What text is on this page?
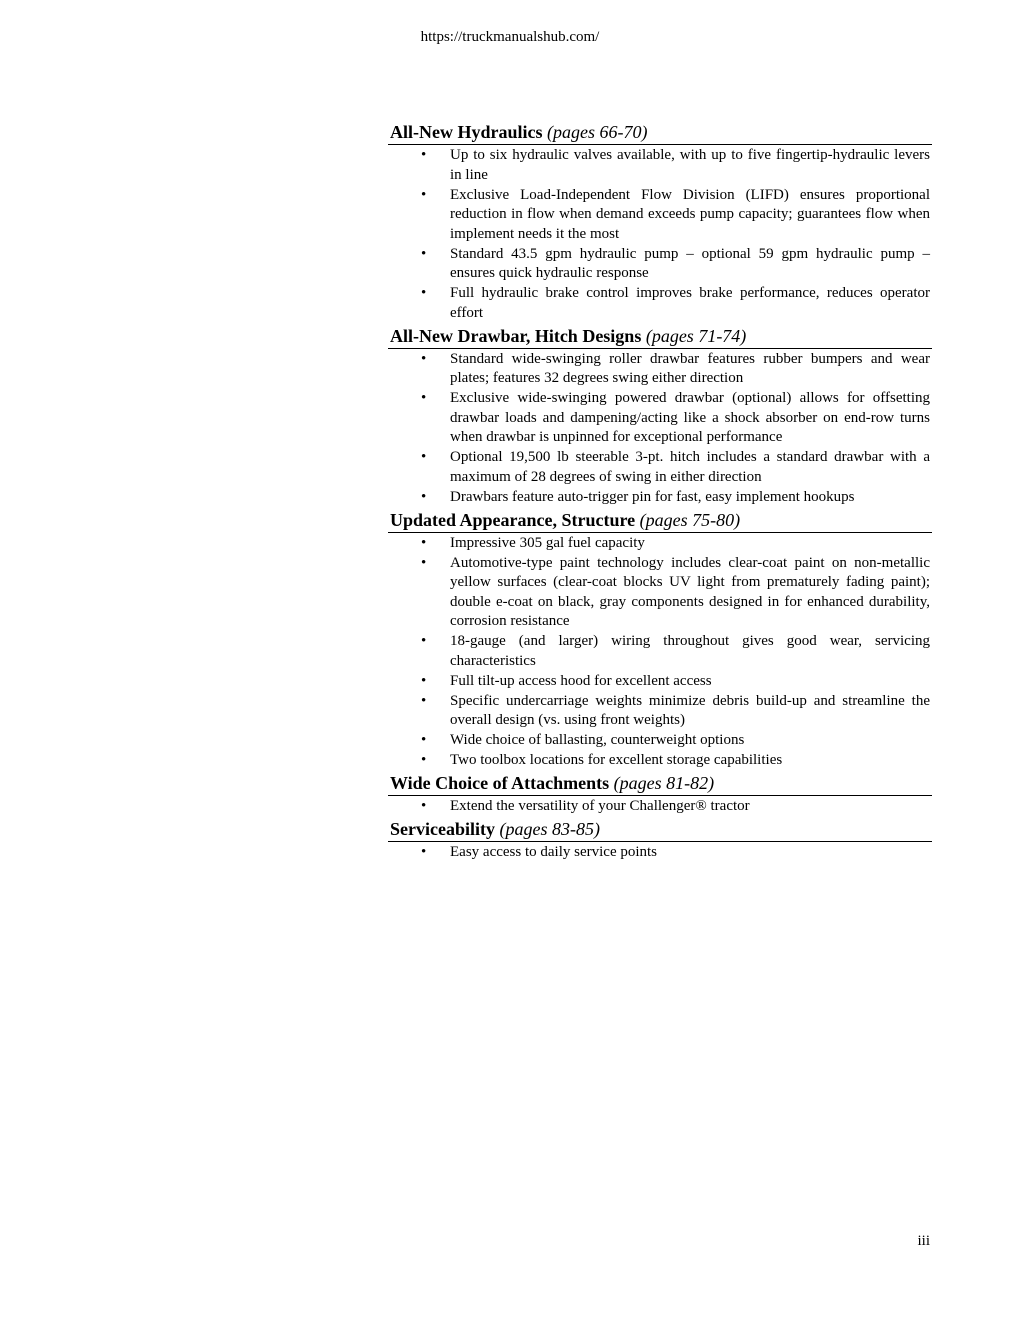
https://truckmanualshub.com/
All-New Hydraulics (pages 66-70)
• Up to six hydraulic valves available, with up to five fingertip-hydraulic levers in line
• Exclusive Load-Independent Flow Division (LIFD) ensures proportional reduction in flow when demand exceeds pump capacity; guarantees flow when implement needs it the most
• Standard 43.5 gpm hydraulic pump – optional 59 gpm hydraulic pump – ensures quick hydraulic response
• Full hydraulic brake control improves brake performance, reduces operator effort
All-New Drawbar, Hitch Designs (pages 71-74)
• Standard wide-swinging roller drawbar features rubber bumpers and wear plates; features 32 degrees swing either direction
• Exclusive wide-swinging powered drawbar (optional) allows for offsetting drawbar loads and dampening/acting like a shock absorber on end-row turns when drawbar is unpinned for exceptional performance
• Optional 19,500 lb steerable 3-pt. hitch includes a standard drawbar with a maximum of 28 degrees of swing in either direction
• Drawbars feature auto-trigger pin for fast, easy implement hookups
Updated Appearance, Structure (pages 75-80)
• Impressive 305 gal fuel capacity
• Automotive-type paint technology includes clear-coat paint on non-metallic yellow surfaces (clear-coat blocks UV light from prematurely fading paint); double e-coat on black, gray components designed in for enhanced durability, corrosion resistance
• 18-gauge (and larger) wiring throughout gives good wear, servicing characteristics
• Full tilt-up access hood for excellent access
• Specific undercarriage weights minimize debris build-up and streamline the overall design (vs. using front weights)
• Wide choice of ballasting, counterweight options
• Two toolbox locations for excellent storage capabilities
Wide Choice of Attachments (pages 81-82)
• Extend the versatility of your Challenger® tractor
Serviceability (pages 83-85)
• Easy access to daily service points
iii
